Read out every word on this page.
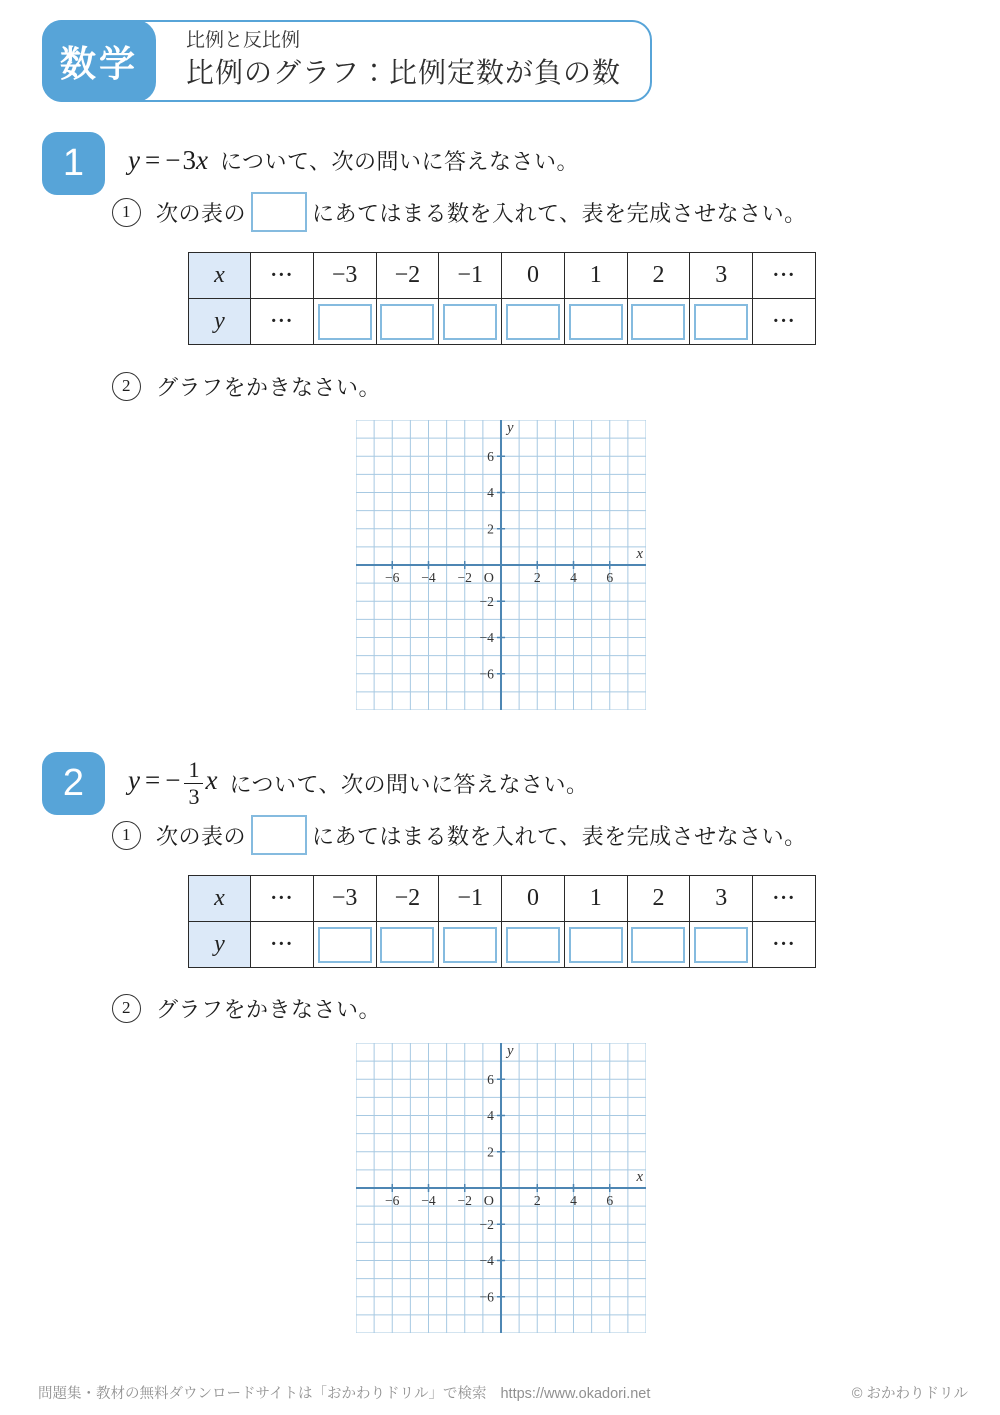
数学
比例と反比例
比例のグラフ：比例定数が負の数
1 y = −3x について、次の問いに答えなさい。
1 次の表の	にあてはまる数を入れて、表を完成させなさい。
x	···	−3	−2	−1	0	1	2	3	···
y	···								···
2 グラフをかきなさい。
−6 −4 −2	2 4 6
6
4
2
−2
−4
−6
O
x
y
2 y = − $\frac{1}{3}$ x について、次の問いに答えなさい。
1 次の表の	にあてはまる数を入れて、表を完成させなさい。
x	···	−3	−2	−1	0	1	2	3	···
y	···								···
2 グラフをかきなさい。
−6 −4 −2	2 4 6
6
4
2
−2
−4
−6
O
x
y
問題集・教材の無料ダウンロードサイトは「おかわりドリル」で検索 https://www.okadori.net	© おかわりドリル
